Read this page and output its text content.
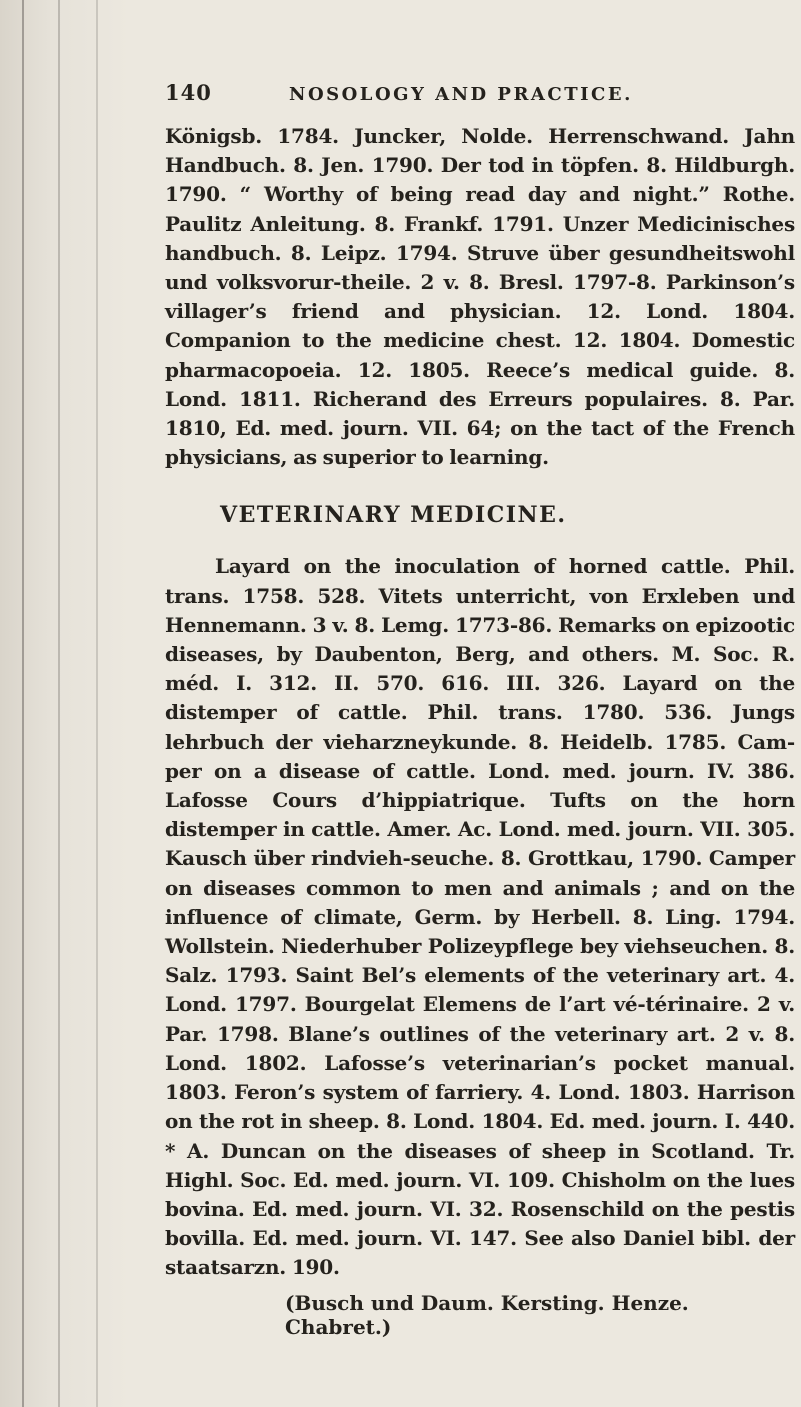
140	NOSOLOGY AND PRACTICE.

Königsb. 1784. Juncker, Nolde. Herrenschwand. Jahn Handbuch. 8. Jen. 1790. Der tod in töpfen. 8. Hildburgh. 1790. “ Worthy of being read day and night.” Rothe. Paulitz Anleitung. 8. Frankf. 1791. Unzer Medicinisches handbuch. 8. Leipz. 1794. Struve über gesundheitswohl und volksvorur-theile. 2 v. 8. Bresl. 1797-8. Parkinson’s villager’s friend and physician. 12. Lond. 1804. Companion to the medicine chest. 12. 1804. Domestic pharmacopoeia. 12. 1805. Reece’s medical guide. 8. Lond. 1811. Richerand des Erreurs populaires. 8. Par. 1810, Ed. med. journ. VII. 64; on the tact of the French physicians, as superior to learning.

VETERINARY MEDICINE.

Layard on the inoculation of horned cattle. Phil. trans. 1758. 528. Vitets unterricht, von Erxleben und Hennemann. 3 v. 8. Lemg. 1773-86. Remarks on epizootic diseases, by Daubenton, Berg, and others. M. Soc. R. méd. I. 312. II. 570. 616. III. 326. Layard on the distemper of cattle. Phil. trans. 1780. 536. Jungs lehrbuch der vieharzneykunde. 8. Heidelb. 1785. Cam-per on a disease of cattle. Lond. med. journ. IV. 386. Lafosse Cours d’hippiatrique. Tufts on the horn distemper in cattle. Amer. Ac. Lond. med. journ. VII. 305. Kausch über rindvieh-seuche. 8. Grottkau, 1790. Camper on diseases common to men and animals ; and on the influence of climate, Germ. by Herbell. 8. Ling. 1794. Wollstein. Niederhuber Polizeypflege bey viehseuchen. 8. Salz. 1793. Saint Bel’s elements of the veterinary art. 4. Lond. 1797. Bourgelat Elemens de l’art vé-térinaire. 2 v. Par. 1798. Blane’s outlines of the veterinary art. 2 v. 8. Lond. 1802. Lafosse’s veterinarian’s pocket manual. 1803. Feron’s system of farriery. 4. Lond. 1803. Harrison on the rot in sheep. 8. Lond. 1804. Ed. med. journ. I. 440. * A. Duncan on the diseases of sheep in Scotland. Tr. Highl. Soc. Ed. med. journ. VI. 109. Chisholm on the lues bovina. Ed. med. journ. VI. 32. Rosenschild on the pestis bovilla. Ed. med. journ. VI. 147. See also Daniel bibl. der staatsarzn. 190.

(Busch und Daum. Kersting. Henze. Chabret.)
